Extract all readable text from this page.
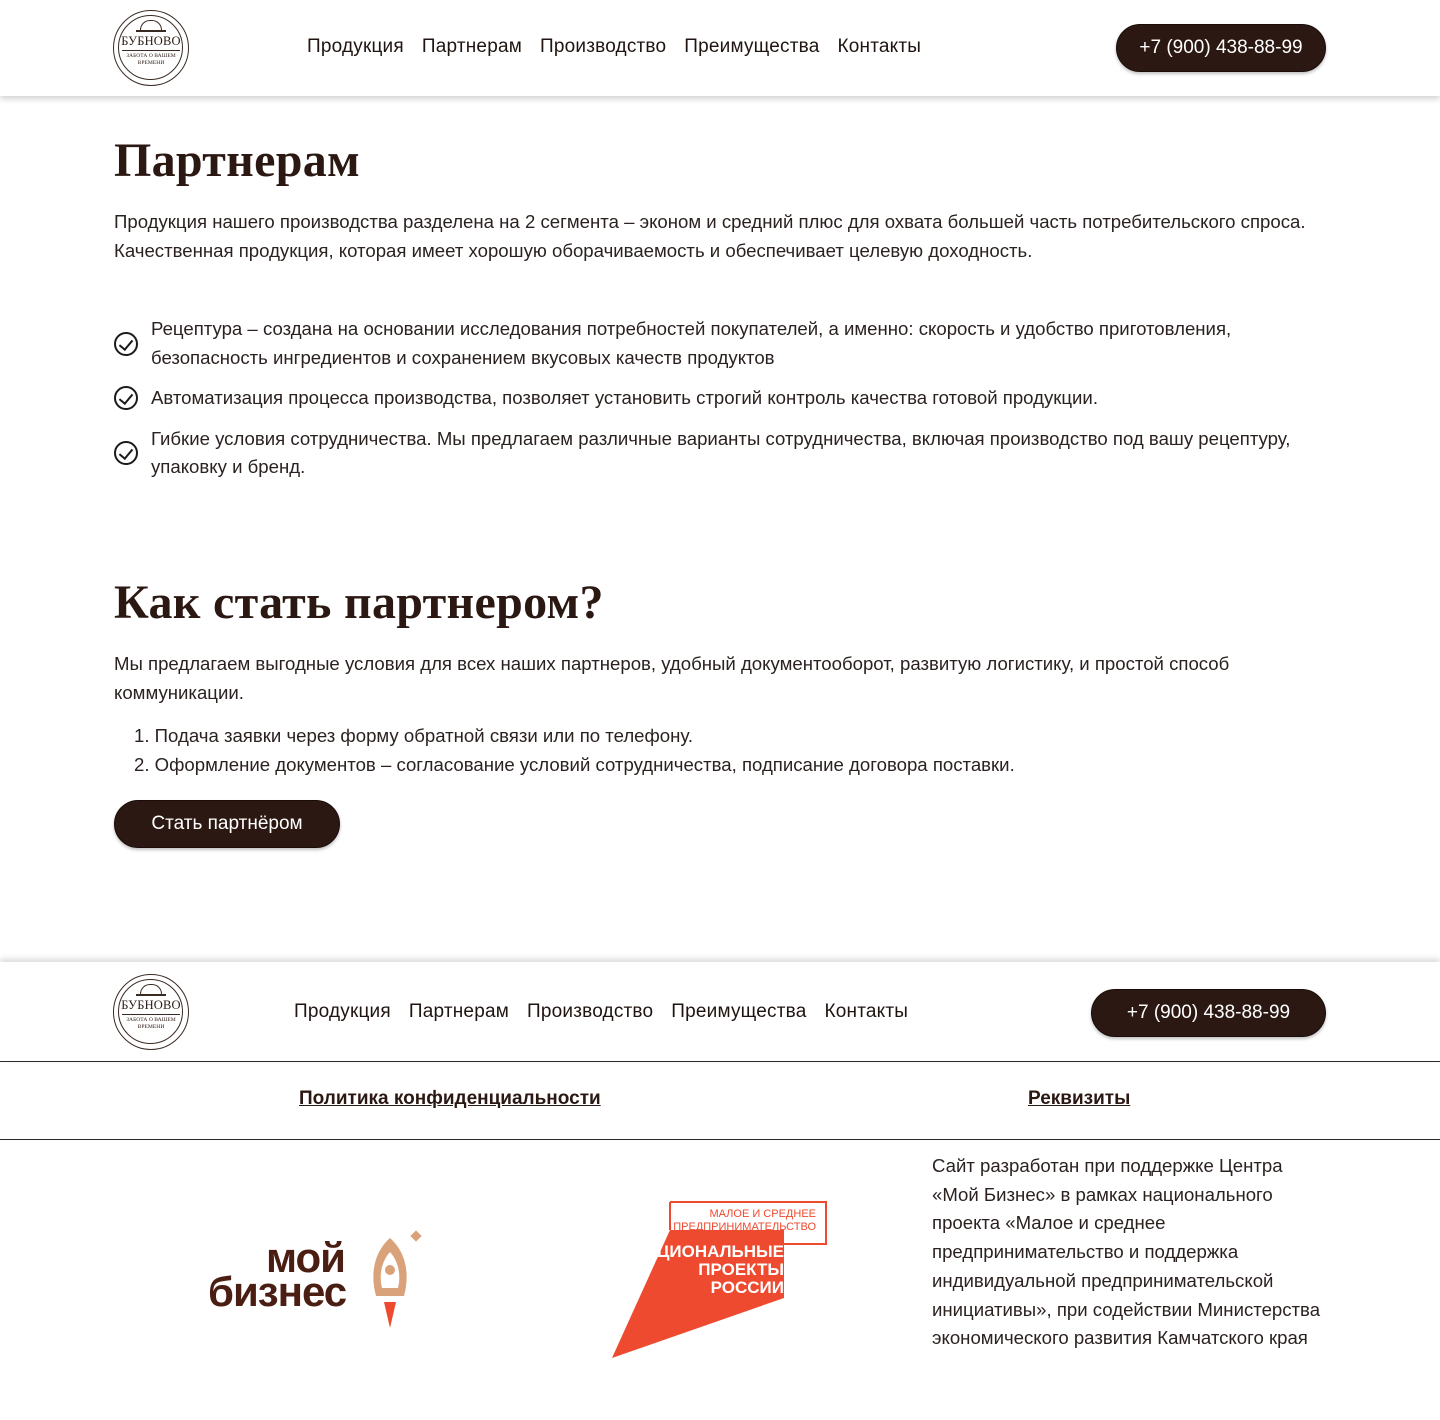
БУБНОВО
ЗАБОТА О ВАШЕМ ВРЕМЕНИ
Продукция Партнерам Производство Преимущества Контакты	+7 (900) 438-88-99
Партнерам

Продукция нашего производства разделена на 2 сегмента – эконом и средний плюс для охвата большей часть потребительского спроса. Качественная продукция, которая имеет хорошую оборачиваемость и обеспечивает целевую доходность.

Рецептура – создана на основании исследования потребностей покупателей, а именно: скорость и удобство приготовления, безопасность ингредиентов и сохранением вкусовых качеств продуктов
Автоматизация процесса производства, позволяет установить строгий контроль качества готовой продукции.
Гибкие условия сотрудничества. Мы предлагаем различные варианты сотрудничества, включая производство под вашу рецептуру, упаковку и бренд.
Как стать партнером?

Мы предлагаем выгодные условия для всех наших партнеров, удобный документооборот, развитую логистику, и простой способ коммуникации.

1. Подача заявки через форму обратной связи или по телефону.
2. Оформление документов – согласование условий сотрудничества, подписание договора поставки.
Стать партнёром
БУБНОВО
ЗАБОТА О ВАШЕМ ВРЕМЕНИ
Продукция Партнерам Производство Преимущества Контакты	+7 (900) 438-88-99
Политика конфиденциальности	Реквизиты
мой
бизнес
МАЛОЕ И СРЕДНЕЕ
ПРЕДПРИНИМАТЕЛЬСТВО
НАЦИОНАЛЬНЫЕ
ПРОЕКТЫ
РОССИИ

Сайт разработан при поддержке Центра «Мой Бизнес» в рамках национального проекта «Малое и среднее предпринимательство и поддержка индивидуальной предпринимательской инициативы», при содействии Министерства экономического развития Камчатского края
